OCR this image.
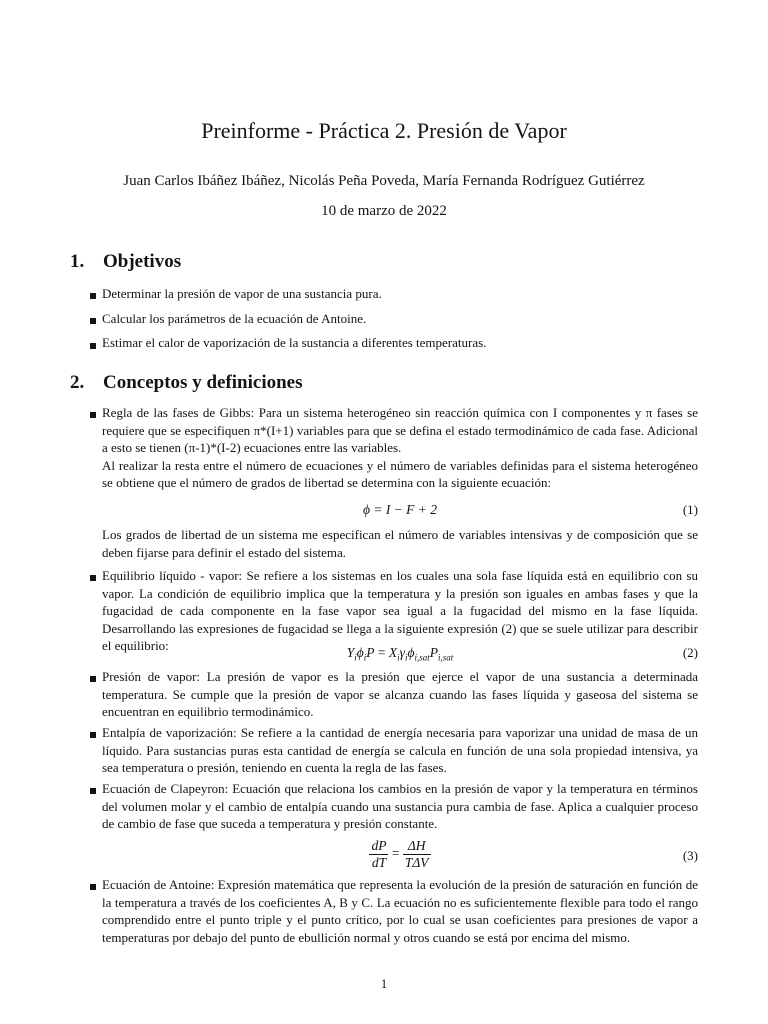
Preinforme - Práctica 2. Presión de Vapor
Juan Carlos Ibáñez Ibáñez, Nicolás Peña Poveda, María Fernanda Rodríguez Gutiérrez
10 de marzo de 2022
1. Objetivos
Determinar la presión de vapor de una sustancia pura.
Calcular los parámetros de la ecuación de Antoine.
Estimar el calor de vaporización de la sustancia a diferentes temperaturas.
2. Conceptos y definiciones

Regla de las fases de Gibbs: Para un sistema heterogéneo sin reacción química con I componentes y π fases se requiere que se especifiquen π*(I+1) variables para que se defina el estado termodinámico de cada fase. Adicional a esto se tienen (π-1)*(I-2) ecuaciones entre las variables.

Al realizar la resta entre el número de ecuaciones y el número de variables definidas para el sistema heterogéneo se obtiene que el número de grados de libertad se determina con la siguiente ecuación:

ϕ = I − F + 2	(1)
Los grados de libertad de un sistema me especifican el número de variables intensivas y de composición que se deben fijarse para definir el estado del sistema.
Equilibrio líquido - vapor: Se refiere a los sistemas en los cuales una sola fase líquida está en equilibrio con su vapor. La condición de equilibrio implica que la temperatura y la presión son iguales en ambas fases y que la fugacidad de cada componente en la fase vapor sea igual a la fugacidad del mismo en la fase líquida. Desarrollando las expresiones de fugacidad se llega a la siguiente expresión (2) que se suele utilizar para describir el equilibrio:	$Y_i\phi_iP = X_i\gamma_i\phi_{i,sat}P_{i,sat}$	(2)
Presión de vapor: La presión de vapor es la presión que ejerce el vapor de una sustancia a determinada temperatura. Se cumple que la presión de vapor se alcanza cuando las fases líquida y gaseosa del sistema se encuentran en equilibrio termodinámico.
Entalpía de vaporización: Se refiere a la cantidad de energía necesaria para vaporizar una unidad de masa de un líquido. Para sustancias puras esta cantidad de energía se calcula en función de una sola propiedad intensiva, ya sea temperatura o presión, teniendo en cuenta la regla de las fases.
Ecuación de Clapeyron: Ecuación que relaciona los cambios en la presión de vapor y la temperatura en términos del volumen molar y el cambio de entalpía cuando una sustancia pura cambia de fase. Aplica a cualquier proceso de cambio de fase que suceda a temperatura y presión constante.
$\frac{dP}{dT} = \frac{\Delta H}{\text{TΔV}}$	(3)
Ecuación de Antoine: Expresión matemática que representa la evolución de la presión de saturación en función de la temperatura a través de los coeficientes A, B y C. La ecuación no es suficientemente flexible para todo el rango comprendido entre el punto triple y el punto crítico, por lo cual se usan coeficientes para presiones de vapor a temperaturas por debajo del punto de ebullición normal y otros cuando se está por encima del mismo.
1
